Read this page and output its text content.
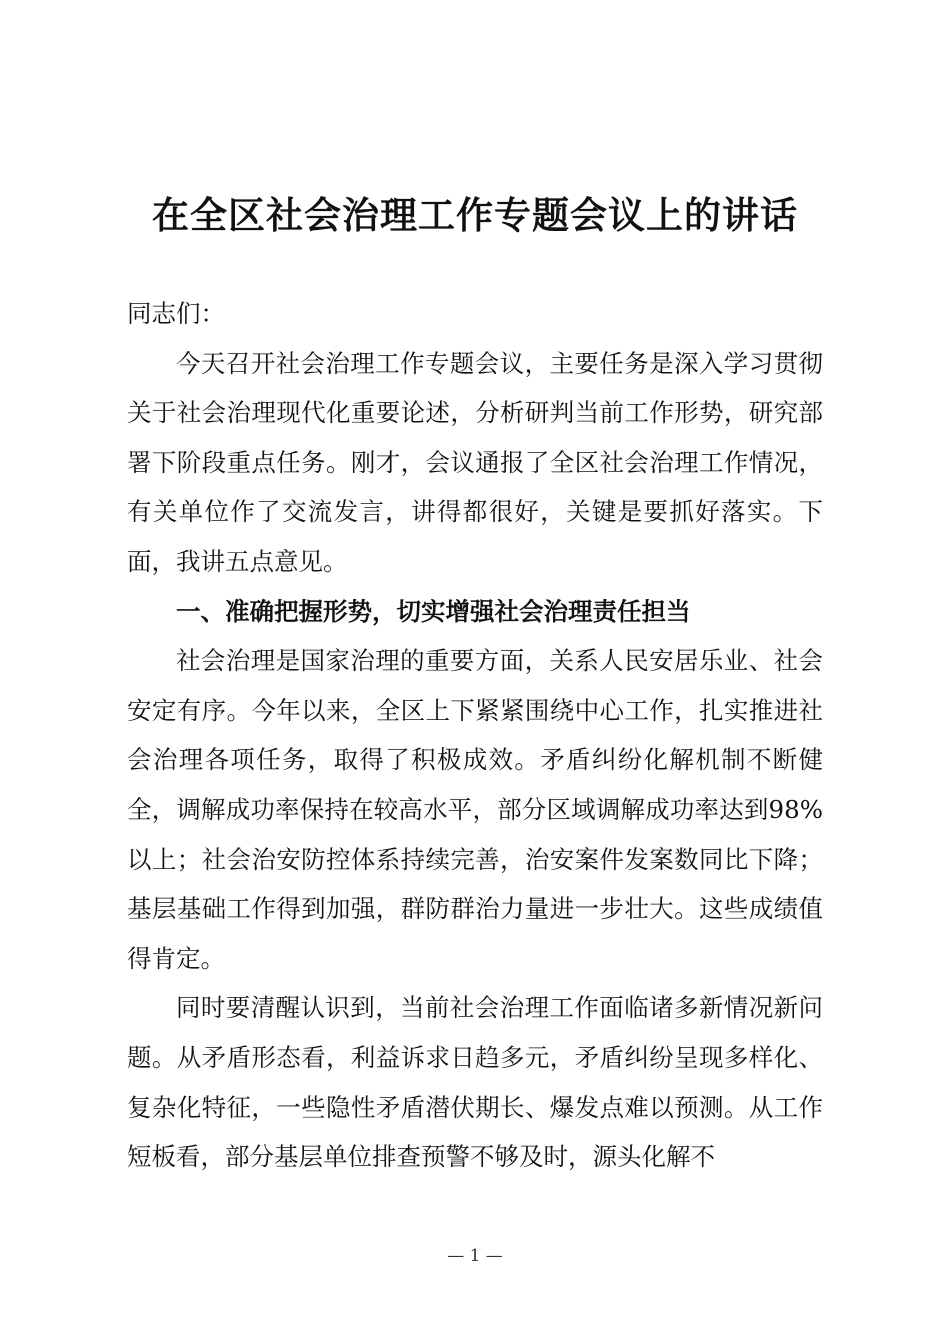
在全区社会治理工作专题会议上的讲话

同志们：

今天召开社会治理工作专题会议，主要任务是深入学习贯彻关于社会治理现代化重要论述，分析研判当前工作形势，研究部署下阶段重点任务。刚才，会议通报了全区社会治理工作情况，有关单位作了交流发言，讲得都很好，关键是要抓好落实。下面，我讲五点意见。

一、准确把握形势，切实增强社会治理责任担当

社会治理是国家治理的重要方面，关系人民安居乐业、社会安定有序。今年以来，全区上下紧紧围绕中心工作，扎实推进社会治理各项任务，取得了积极成效。矛盾纠纷化解机制不断健全，调解成功率保持在较高水平，部分区域调解成功率达到98%以上；社会治安防控体系持续完善，治安案件发案数同比下降；基层基础工作得到加强，群防群治力量进一步壮大。这些成绩值得肯定。

同时要清醒认识到，当前社会治理工作面临诸多新情况新问题。从矛盾形态看，利益诉求日趋多元，矛盾纠纷呈现多样化、复杂化特征，一些隐性矛盾潜伏期长、爆发点难以预测。从工作短板看，部分基层单位排查预警不够及时，源头化解不

— 1 —
